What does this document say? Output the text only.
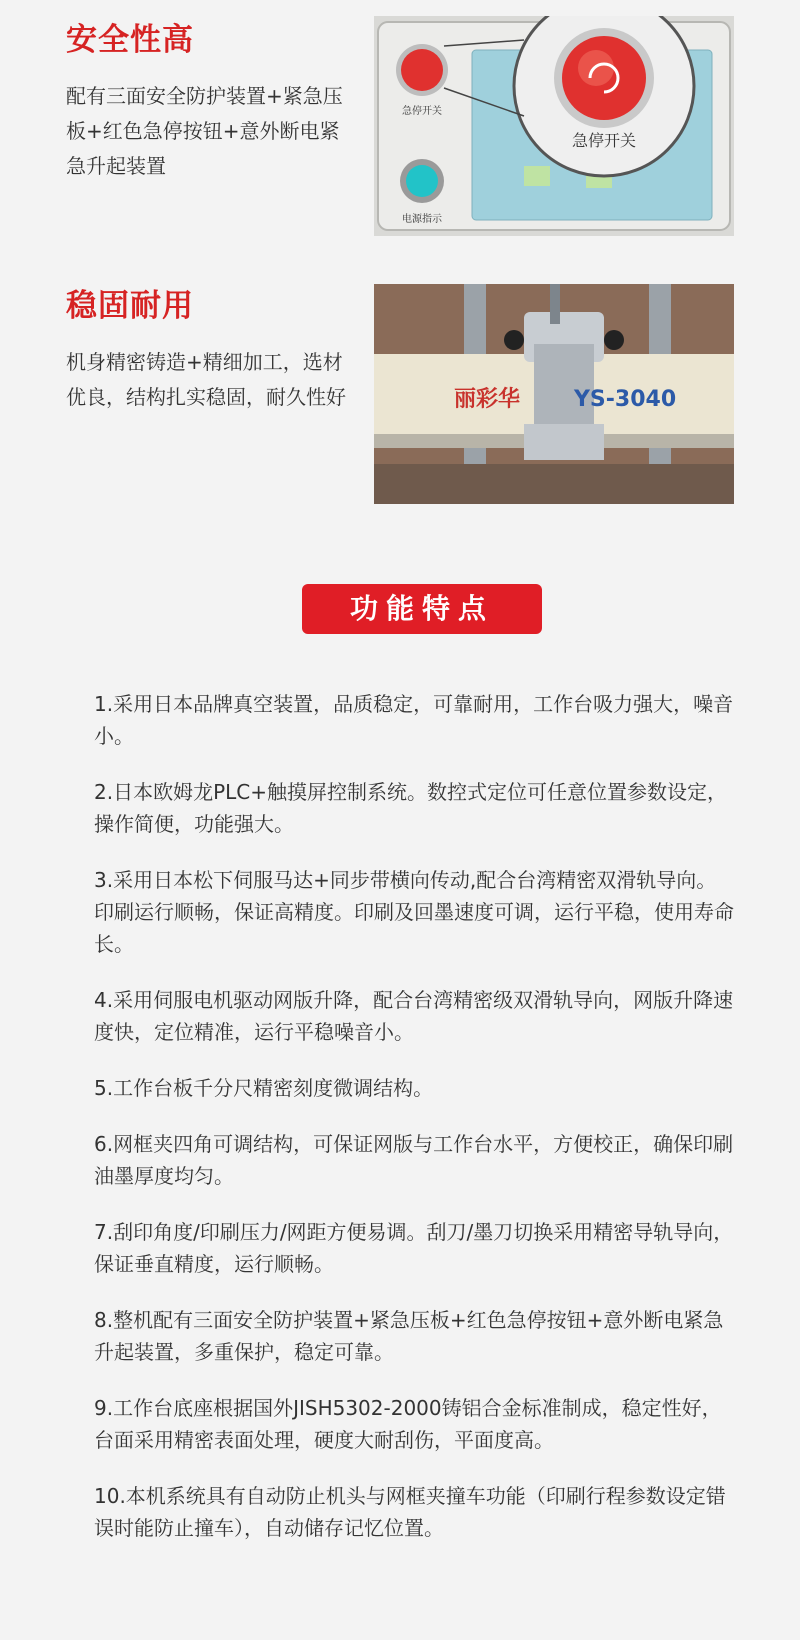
安全性高

配有三面安全防护装置+紧急压板+红色急停按钮+意外断电紧急升起装置

急停开关
急停开关
电源指示
稳固耐用

机身精密铸造+精细加工，选材优良，结构扎实稳固，耐久性好	丽彩华 YS-3040
功能特点
1.采用日本品牌真空装置，品质稳定，可靠耐用，工作台吸力强大，噪音小。
2.日本欧姆龙PLC+触摸屏控制系统。数控式定位可任意位置参数设定，操作简便，功能强大。
3.采用日本松下伺服马达+同步带横向传动,配合台湾精密双滑轨导向。印刷运行顺畅，保证高精度。印刷及回墨速度可调，运行平稳，使用寿命长。
4.采用伺服电机驱动网版升降，配合台湾精密级双滑轨导向，网版升降速度快，定位精准，运行平稳噪音小。
5.工作台板千分尺精密刻度微调结构。
6.网框夹四角可调结构，可保证网版与工作台水平，方便校正，确保印刷油墨厚度均匀。
7.刮印角度/印刷压力/网距方便易调。刮刀/墨刀切换采用精密导轨导向，保证垂直精度，运行顺畅。
8.整机配有三面安全防护装置+紧急压板+红色急停按钮+意外断电紧急升起装置，多重保护，稳定可靠。
9.工作台底座根据国外JISH5302-2000铸铝合金标准制成，稳定性好，台面采用精密表面处理，硬度大耐刮伤，平面度高。
10.本机系统具有自动防止机头与网框夹撞车功能（印刷行程参数设定错误时能防止撞车），自动储存记忆位置。
